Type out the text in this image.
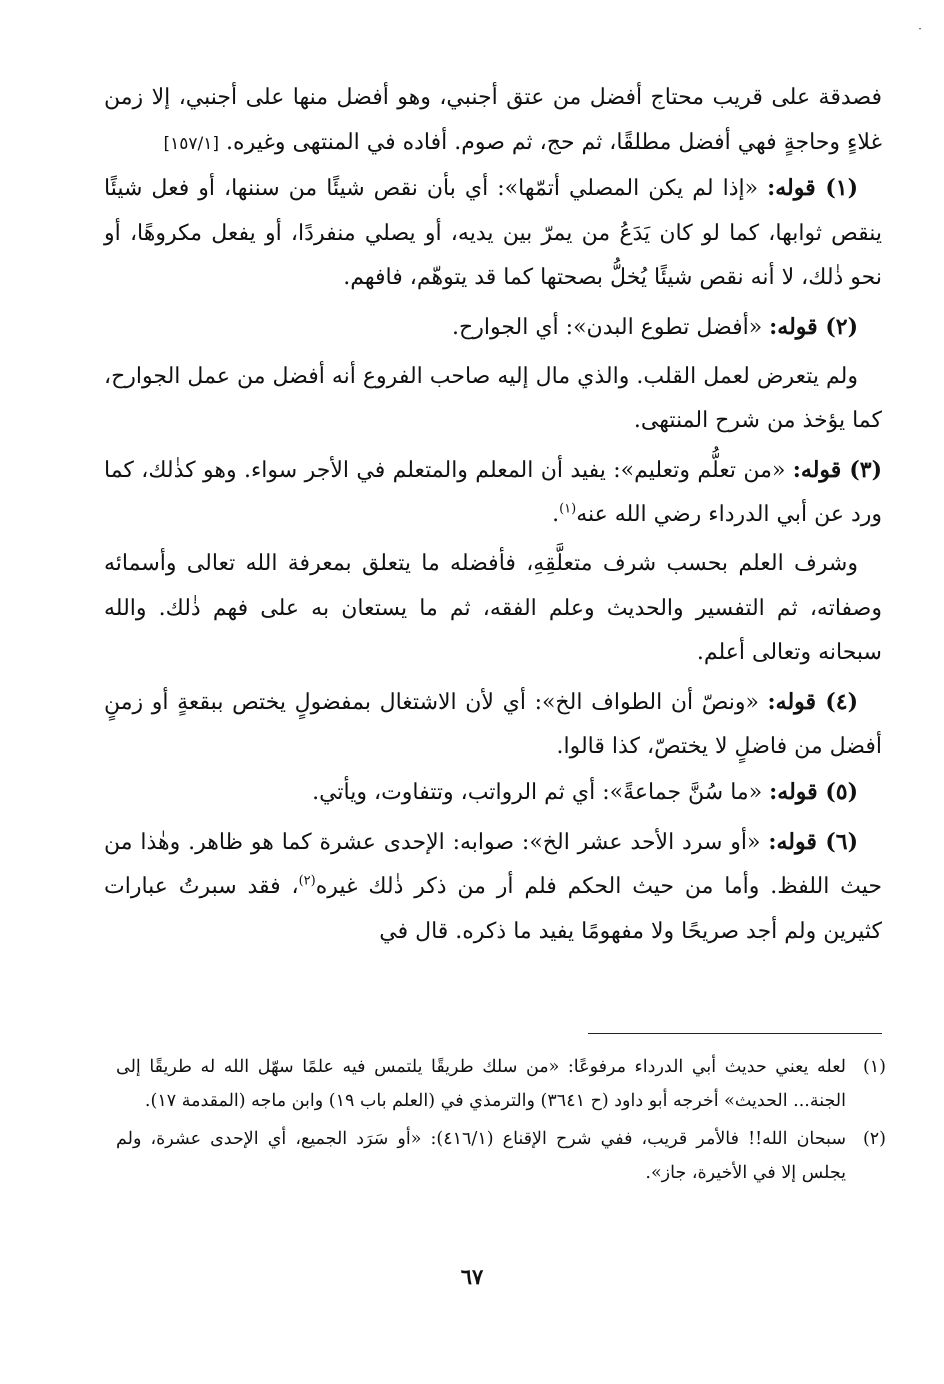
·

فصدقة على قريب محتاج أفضل من عتق أجنبي، وهو أفضل منها على أجنبي، إلا زمن غلاءٍ وحاجةٍ فهي أفضل مطلقًا، ثم حج، ثم صوم. أفاده في المنتهى وغيره. [١٥٧/١]

(١) قوله: «إذا لم يكن المصلي أتمّها»: أي بأن نقص شيئًا من سننها، أو فعل شيئًا ينقص ثوابها، كما لو كان يَدَعُ من يمرّ بين يديه، أو يصلي منفردًا، أو يفعل مكروهًا، أو نحو ذٰلك، لا أنه نقص شيئًا يُخلُّ بصحتها كما قد يتوهّم، فافهم.

(٢) قوله: «أفضل تطوع البدن»: أي الجوارح.

ولم يتعرض لعمل القلب. والذي مال إليه صاحب الفروع أنه أفضل من عمل الجوارح، كما يؤخذ من شرح المنتهى.

(٣) قوله: «من تعلُّم وتعليم»: يفيد أن المعلم والمتعلم في الأجر سواء. وهو كذٰلك، كما ورد عن أبي الدرداء رضي الله عنه$^{(١)}$.

وشرف العلم بحسب شرف متعلَّقِهِ، فأفضله ما يتعلق بمعرفة الله تعالى وأسمائه وصفاته، ثم التفسير والحديث وعلم الفقه، ثم ما يستعان به على فهم ذٰلك. والله سبحانه وتعالى أعلم.

(٤) قوله: «ونصّ أن الطواف الخ»: أي لأن الاشتغال بمفضولٍ يختص ببقعةٍ أو زمنٍ أفضل من فاضلٍ لا يختصّ، كذا قالوا.

(٥) قوله: «ما سُنَّ جماعةً»: أي ثم الرواتب، وتتفاوت، ويأتي.

(٦) قوله: «أو سرد الأحد عشر الخ»: صوابه: الإحدى عشرة كما هو ظاهر. وهٰذا من حيث اللفظ. وأما من حيث الحكم فلم أر من ذكر ذٰلك غيره$^{(٢)}$، فقد سبرتُ عبارات كثيرين ولم أجد صريحًا ولا مفهومًا يفيد ما ذكره. قال في

(١)
لعله يعني حديث أبي الدرداء مرفوعًا: «من سلك طريقًا يلتمس فيه علمًا سهّل الله له طريقًا إلى الجنة... الحديث» أخرجه أبو داود (ح ٣٦٤١) والترمذي في (العلم باب ١٩) وابن ماجه (المقدمة ١٧).
(٢)
سبحان الله!! فالأمر قريب، ففي شرح الإقناع (٤١٦/١): «أو سَرَد الجميع، أي الإحدى عشرة، ولم يجلس إلا في الأخيرة، جاز».
٦٧
